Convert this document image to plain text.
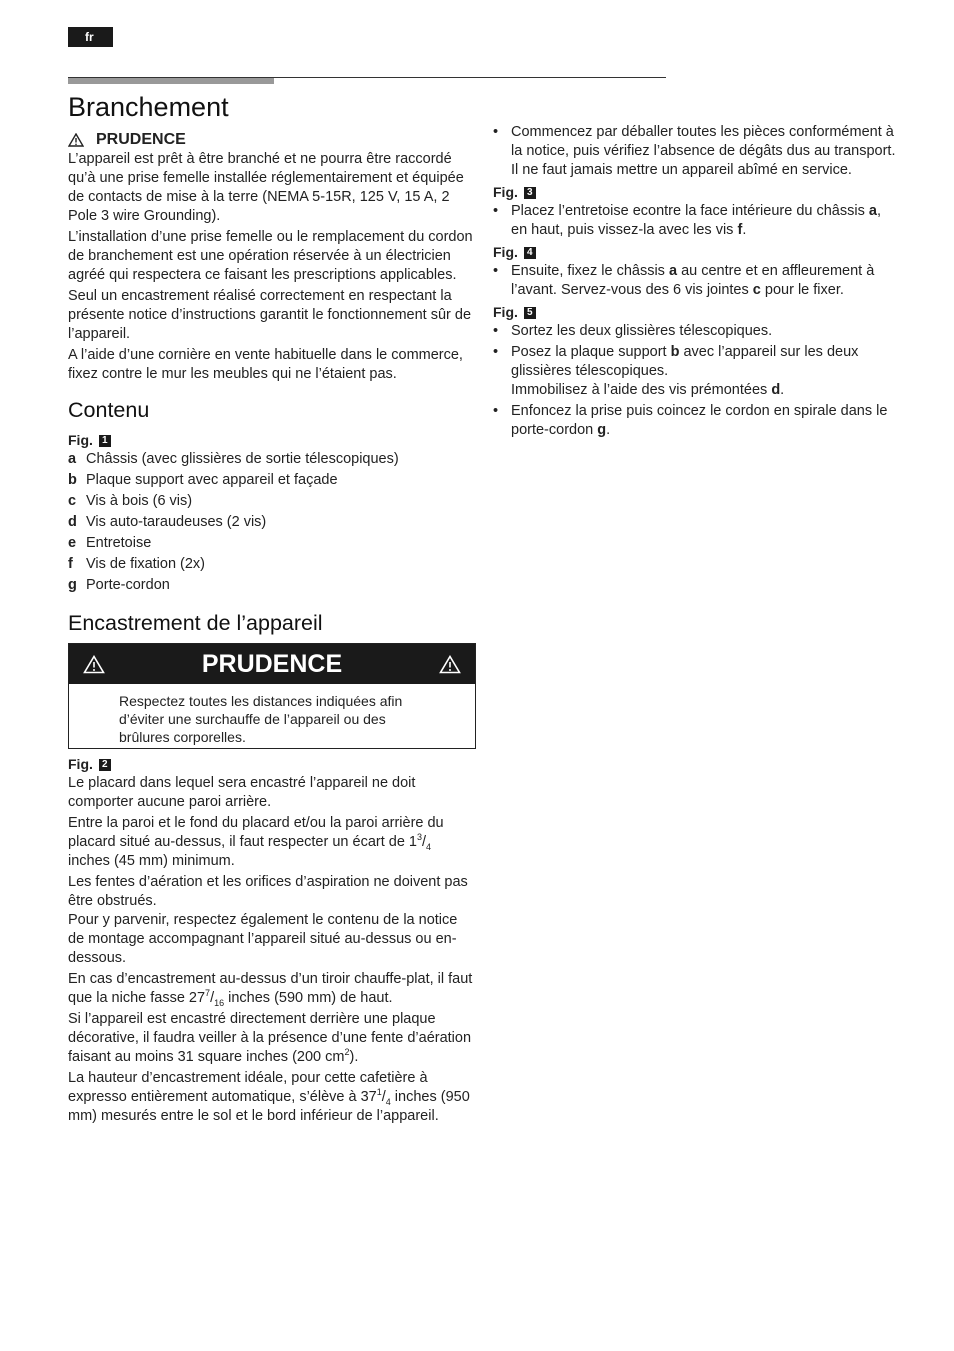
fr
Branchement
PRUDENCE

L’appareil est prêt à être branché et ne pourra être raccordé qu’à une prise femelle installée réglementairement et équipée de contacts de mise à la terre (NEMA 5-15R, 125 V, 15 A, 2 Pole 3 wire Grounding).

L’installation d’une prise femelle ou le remplacement du cordon de branchement est une opération réservée à un électricien agréé qui respectera ce faisant les prescriptions applicables.

Seul un encastrement réalisé correctement en respectant la présente notice d’instructions garantit le fonctionnement sûr de l’appareil.

A l’aide d’une cornière en vente habituelle dans le commerce, fixez contre le mur les meubles qui ne l’étaient pas.

Contenu
Fig. 1
a Châssis (avec glissières de sortie télescopiques)
b Plaque support avec appareil et façade
c Vis à bois (6 vis)
d Vis auto-taraudeuses (2 vis)
e Entretoise
f Vis de fixation (2x)
g Porte-cordon
Encastrement de l’appareil
PRUDENCE
Respectez toutes les distances indiquées afin d’éviter une surchauffe de l’appareil ou des brûlures corporelles.
Fig. 2

Le placard dans lequel sera encastré l’appareil ne doit comporter aucune paroi arrière.

Entre la paroi et le fond du placard et/ou la paroi arrière du placard situé au-dessus, il faut respecter un écart de $1^3/_4$ inches (45 mm) minimum.

Les fentes d’aération et les orifices d’aspiration ne doivent pas être obstrués.

Pour y parvenir, respectez également le contenu de la notice de montage accompagnant l’appareil situé au-dessus ou en-dessous.

En cas d’encastrement au-dessus d’un tiroir chauffe-plat, il faut que la niche fasse $27^7/_{16}$ inches (590 mm) de haut.

Si l’appareil est encastré directement derrière une plaque décorative, il faudra veiller à la présence d’une fente d’aération faisant au moins 31 square inches (200 $cm^2$).

La hauteur d’encastrement idéale, pour cette cafetière à expresso entièrement automatique, s’élève à $37^1/_4$ inches (950 mm) mesurés entre le sol et le bord inférieur de l’appareil.

• Commencez par déballer toutes les pièces conformément à la notice, puis vérifiez l’absence de dégâts dus au transport.

Il ne faut jamais mettre un appareil abîmé en service.

Fig. 3
• Placez l’entretoise econtre la face intérieure du châssis a, en haut, puis vissez-la avec les vis f.

Fig. 4
• Ensuite, fixez le châssis a au centre et en affleurement à l’avant. Servez-vous des 6 vis jointes c pour le fixer.

Fig. 5
• Sortez les deux glissières télescopiques.

• Posez la plaque support b avec l’appareil sur les deux glissières télescopiques.

Immobilisez à l’aide des vis prémontées d.

• Enfoncez la prise puis coincez le cordon en spirale dans le porte-cordon g.
